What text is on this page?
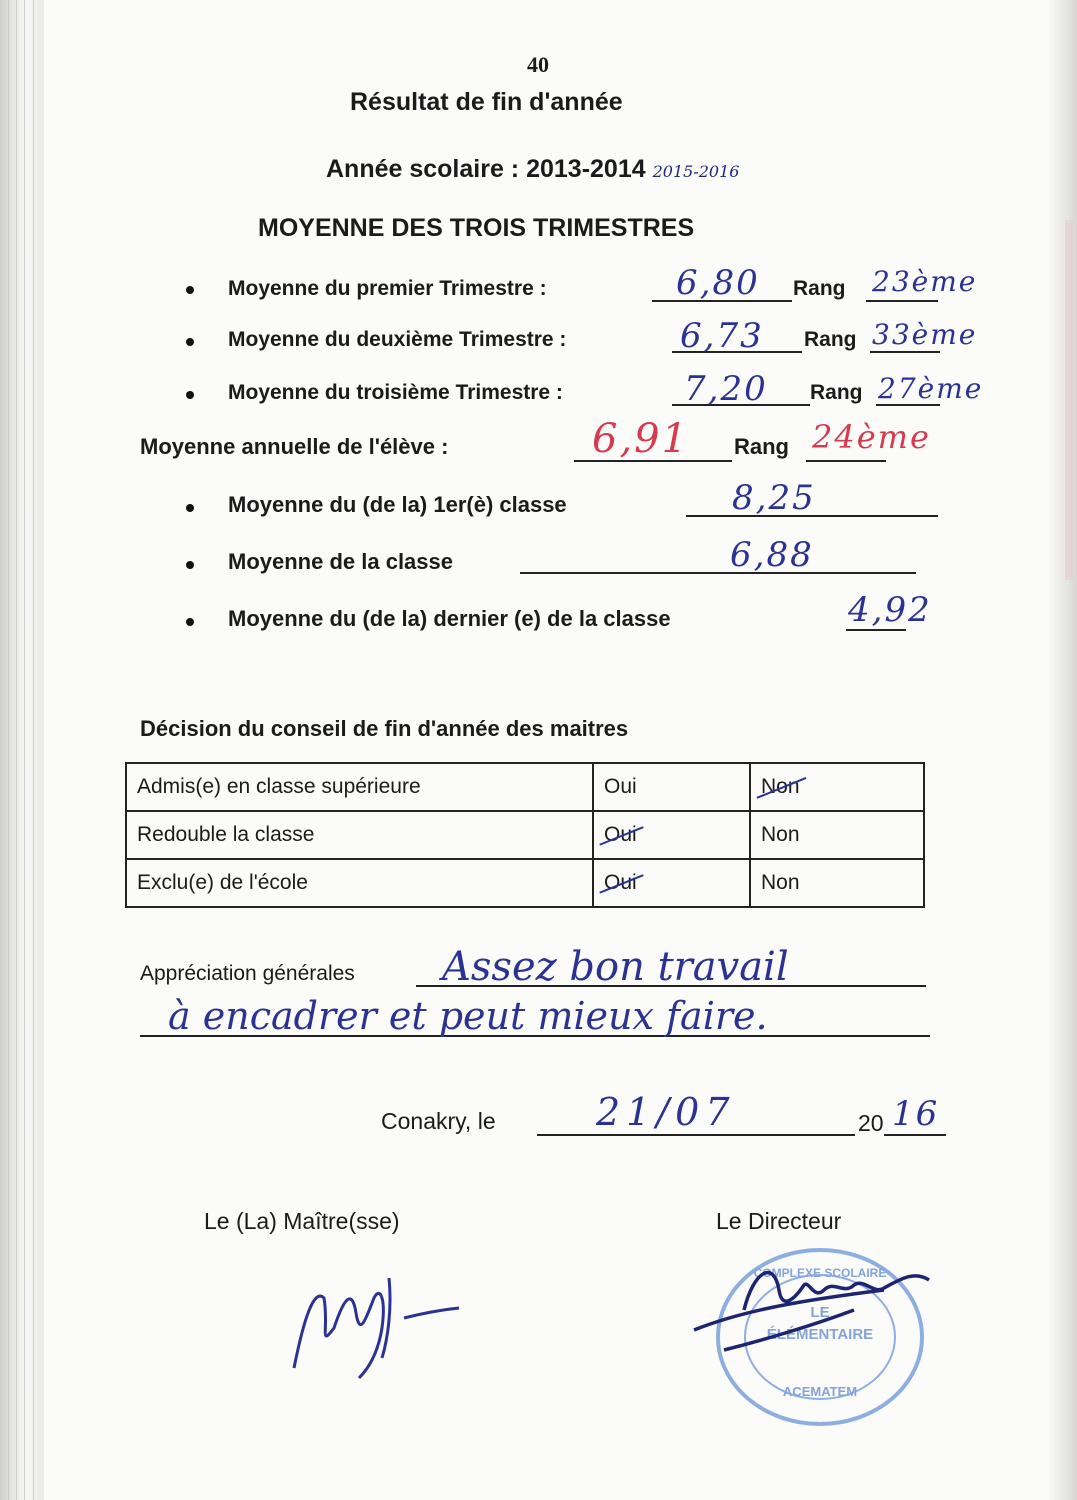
40
Résultat de fin d'année
Année scolaire : 2013-2014 2015-2016
MOYENNE DES TROIS TRIMESTRES
Moyenne du premier Trimestre :	6,80 Rang 23ème
Moyenne du deuxième Trimestre :	6,73 Rang 33ème
Moyenne du troisième Trimestre :	7,20 Rang 27ème
Moyenne annuelle de l'élève :	6,91 Rang 24ème
Moyenne du (de la) 1er(è) classe	8,25
Moyenne de la classe	6,88
Moyenne du (de la) dernier (e) de la classe	4,92
Décision du conseil de fin d'année des maitres
Admis(e) en classe supérieure	Oui	Non
Redouble la classe	Oui	Non
Exclu(e) de l'école	Oui	Non
Appréciation générales Assez bon travail
à encadrer et peut mieux faire.
Conakry, le	21/07	20 16
Le (La) Maître(sse)	Le Directeur
COMPLEXE SCOLAIRE
LE
ÉLÉMENTAIRE
ACEMATEM
